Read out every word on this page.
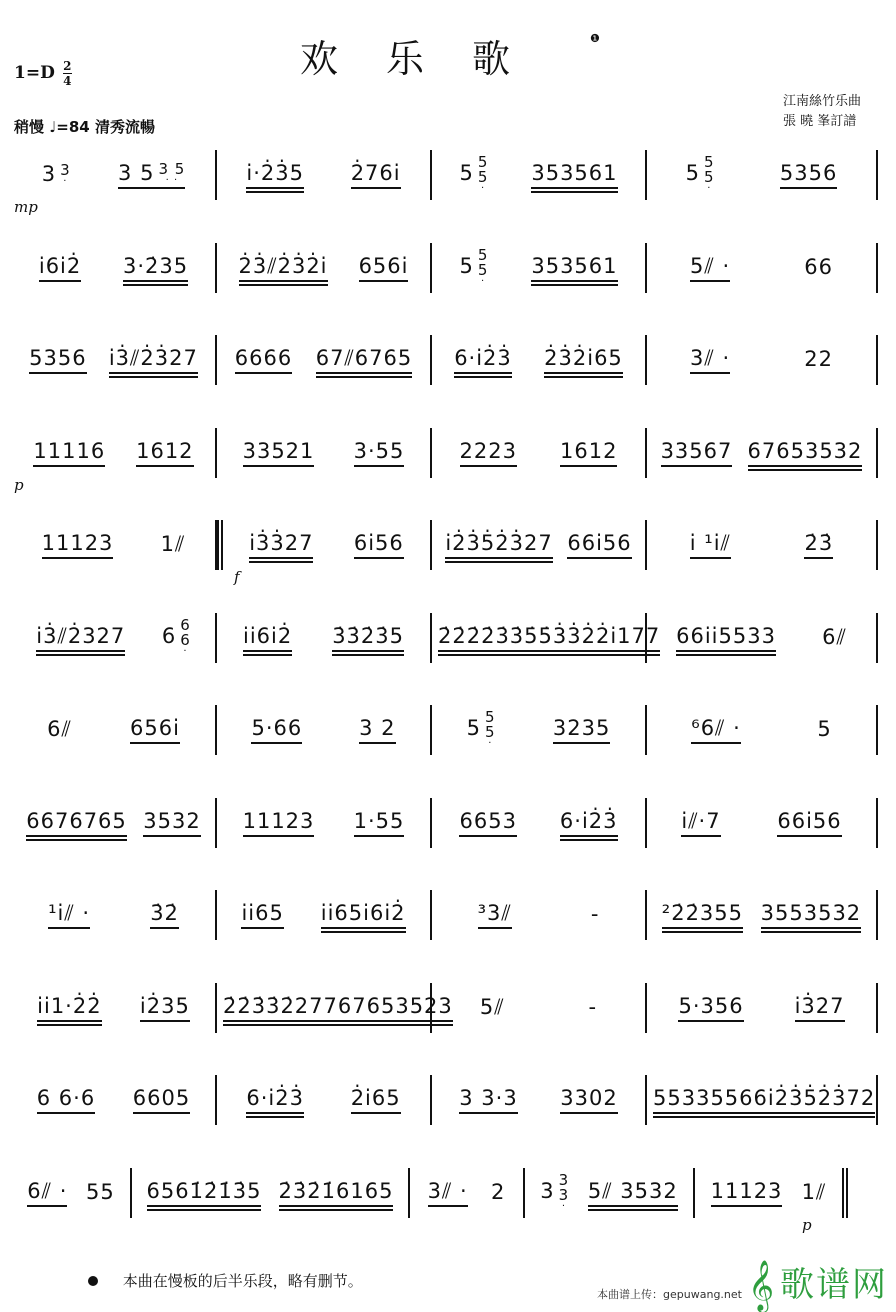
$1=D \frac{2}{4}$	欢乐歌	❶
稍慢 ♩=84 清秀流暢
江南絲竹乐曲
張 曉 峯訂譜
3 3
· 3 5 3 5
· ·	i·2̇3̇5 2̇76i	5 5
5
·
353561	5 5
5
·
5356
mp
i6i2̇ 3·2̇35 2̇3̇⫽2̇3̇2̇i 656i 5 5
5
·
353561	5⫽ ·	66
5356 i3̇⫽2̇3̇27 6666 67⫽6765 6·i2̇3̇ 2̇3̇2̇i65	3⫽ ·	22
11116 1612 33521 3·55	2223 1612 33567 67653532
p
11123 1⫽	i3̇3̇27 6i56 i2̇3̇5̇2̇3̇27 66i56	i ¹i⫽	2̇3̇
f
i3̇⫽2̇327 6 6
6
·
ii6i2̇ 3̇3̇2̇3̇5 2̇2̇2̇2̇3̇3̇5̇5̇ 3̇3̇2̇2̇i177 66ii5533 6⫽
6⫽	656i	5·66	3 2	5 5
5
·
3235	⁶6⫽ ·	5
6676765 3532 11123 1·55	6653 6·i2̇3̇	i⫽·7	66i56
¹i⫽ ·	3̇2̇	ii65 ii65i6i2̇	³3⫽	-	²2̇2̇355 3553532
ii1·2̇2̇ i2̇35 2̇2̇3̇3̇2̇277 67653523 5⫽	-	5·356 i3̇27
6 6·6 6605	6·i2̇3̇ 2̇i65	3 3·3 3302 55335566 i2̇3̇5̇2̇3̇72
6⫽ · 55 6561̇2̇1̇3̇5 2̇3̇2̇1̇6165 3⫽ · 2 3 3
3
·
5⫽ 3532 11123 1⫽
p
本曲在慢板的后半乐段，略有删节。
本曲谱上传：gepuwang.net 𝄞 歌谱网
